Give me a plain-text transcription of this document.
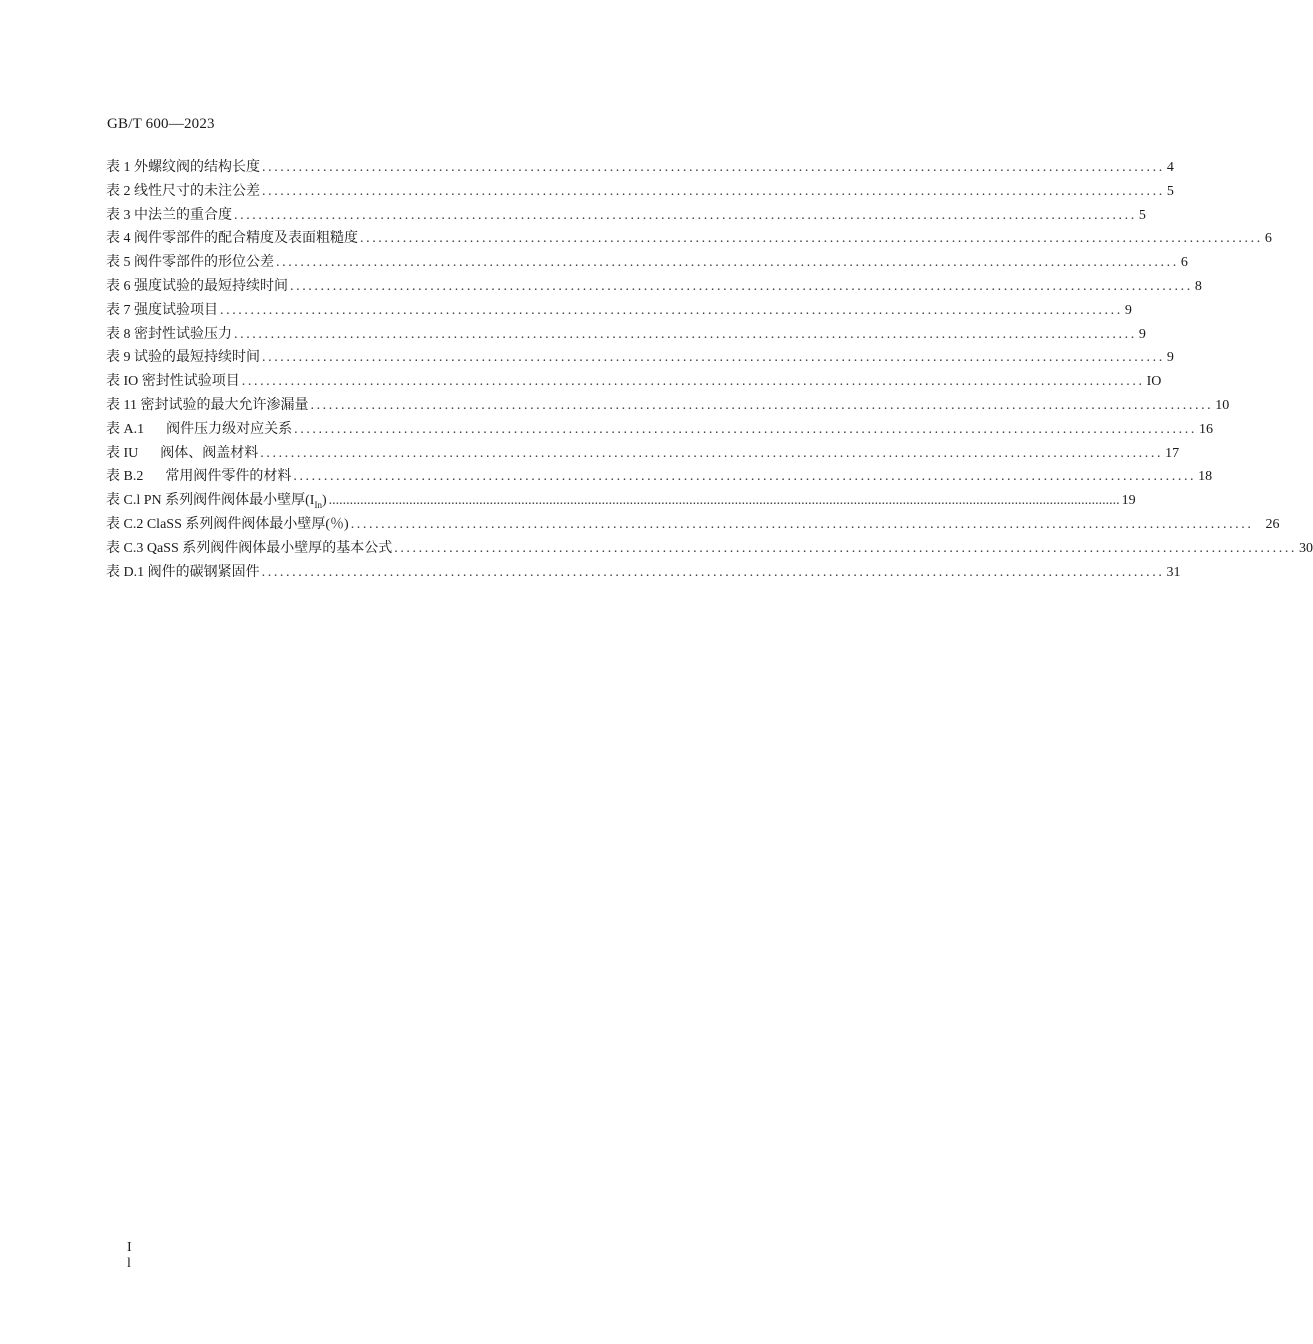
GB/T 600—2023
表 1 外螺纹阀的结构长度 .................................................................................................................................................... 4
表 2 线性尺寸的未注公差 .................................................................................................................................................... 5
表 3 中法兰的重合度 .................................................................................................................................................... 5
表 4 阀件零部件的配合精度及表面粗糙度 .................................................................................................................................................... 6
表 5 阀件零部件的形位公差 .................................................................................................................................................... 6
表 6 强度试验的最短持续时间 .................................................................................................................................................... 8
表 7 强度试验项目 .................................................................................................................................................... 9
表 8 密封性试验压力 .................................................................................................................................................... 9
表 9 试验的最短持续时间 .................................................................................................................................................... 9
表 IO 密封性试验项目 .................................................................................................................................................... IO
表 11 密封试验的最大允许渗漏量 .................................................................................................................................................... 10
表 A.1 阀件压力级对应关系 .................................................................................................................................................... 16
表 IU 阀体、阀盖材料 .................................................................................................................................................... 17
表 B.2 常用阀件零件的材料 .................................................................................................................................................... 18
表 C.l PN 系列阀件阀体最小壁厚$(I_{In})$ .................................................................................................................................................................................................................................. 19
表 C.2 ClaSS 系列阀件阀体最小壁厚(％) .................................................................................................................................................... 26
表 C.3 QaSS 系列阀件阀体最小壁厚的基本公式 .................................................................................................................................................... 30
表 D.1 阀件的碳钢紧固件 .................................................................................................................................................... 31
I
l
